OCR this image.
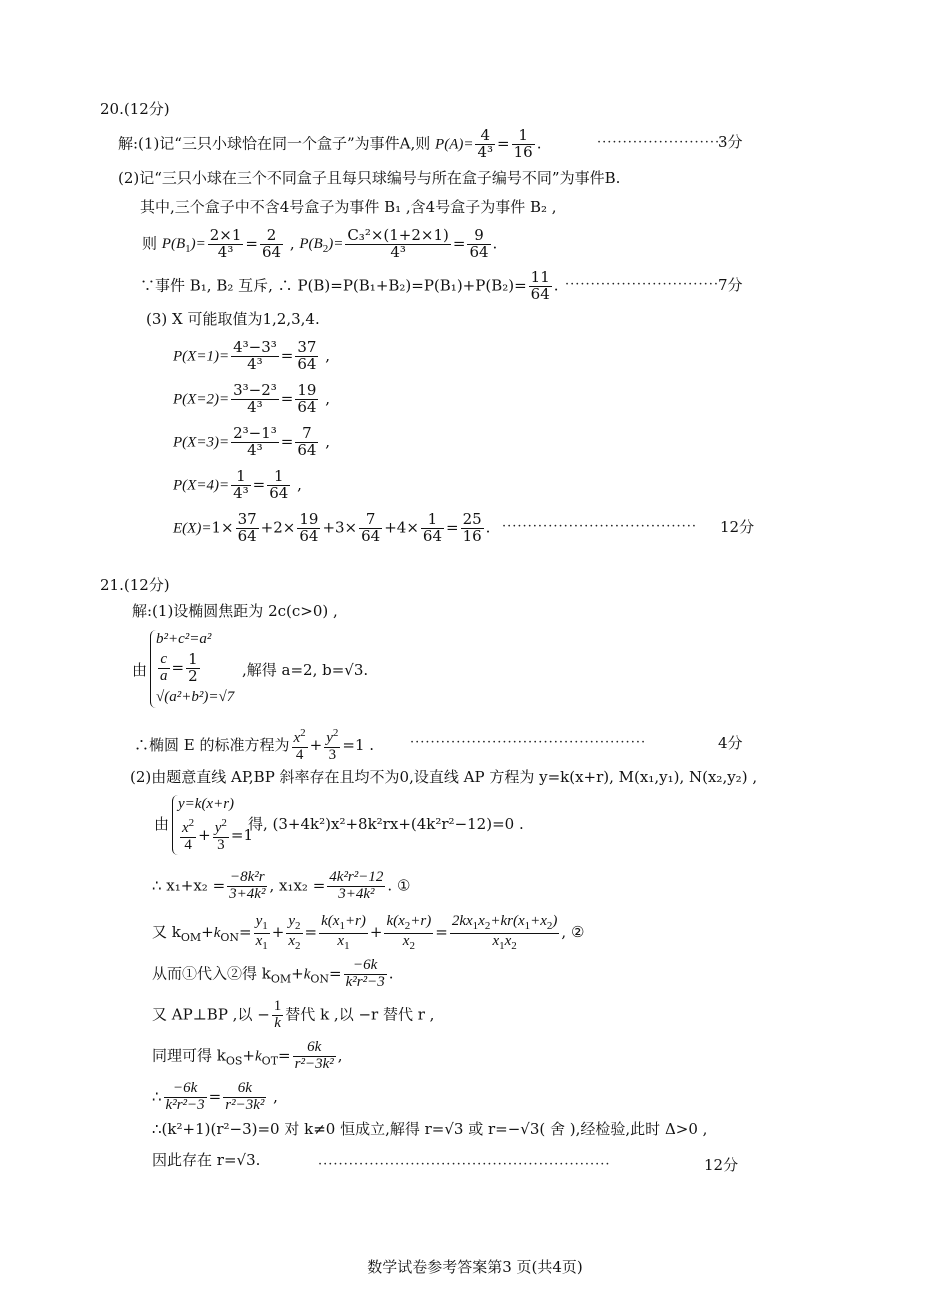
20.(12分)
解:(1)记“三只小球恰在同一个盒子”为事件A,则 $P(A)= \frac{4}{\text{4³}} = \frac{1}{16}$ .	·························
3分
(2)记“三只小球在三个不同盒子且每只球编号与所在盒子编号不同”为事件B.
其中,三个盒子中不含4号盒子为事件 B₁ ,含4号盒子为事件 B₂ ,
则 $P(B_1)= \frac{2\times 1}{\text{4³}} = \frac{2}{64}$ , $P(B_2)= \frac{\text{C₃²×(1+2×1)}}{\text{4³}} = \frac{9}{64}$ .
∵事件 B₁, B₂ 互斥, ∴ $P(B)=P(B_1+B_2)=P(B_1)+P(B_2)= \frac{11}{64}$ . ······························ 7分
(3) X 可能取值为1,2,3,4.
$P(X=1)= \frac{\text{4³−3³}}{\text{4³}} = \frac{37}{64}$ ,
$P(X=2)= \frac{\text{3³−2³}}{\text{4³}} = \frac{19}{64}$ ,
$P(X=3)= \frac{\text{2³−1³}}{\text{4³}} = \frac{7}{64}$ ,
$P(X=4)= \frac{1}{\text{4³}} = \frac{1}{64}$ ,
$E(X)=1\times \frac{37}{64} +2\times \frac{19}{64} +3\times \frac{7}{64} +4\times \frac{1}{64} = \frac{25}{16}$ . ······································ 12分
21.(12分)
解:(1)设椭圆焦距为 2c(c>0) ,
由
b²+c²=a²
$\frac{c}{a} = \frac{1}{2}$
√(a²+b²)=√7
,解得 a=2, b=√3.
∴椭圆 E 的标准方程为 $\frac{x^2}{4} + \frac{y^2}{3} =1$ .	··············································	4分
(2)由题意直线 AP,BP 斜率存在且均不为0,设直线 AP 方程为 y=k(x+r), M(x₁,y₁), N(x₂,y₂) ,
由
y=k(x+r)
$\frac{x^2}{4} + \frac{y^2}{3} =1$
得, (3+4k²)x²+8k²rx+(4k²r²−12)=0 .
∴ $x_1+x_2 = \frac{\text{−8k²r}}{\text{3+4k²}}$ , $x_1x_2 = \frac{\text{4k²r²−12}}{\text{3+4k²}}$ . ①
又 $k_{OM}+k_{ON}= \frac{y_1}{x_1} + \frac{y_2}{x_2} = \frac{k(x_1+r)}{x_1} + \frac{k(x_2+r)}{x_2} = \frac{2kx_1x_2+kr(x_1+x_2)}{x_1x_2}$ , ②
从而①代入②得 $k_{OM}+k_{ON}= \frac{-6k}{\text{k²r²−3}}$ .
又 AP⊥BP ,以 − $\frac{1}{k}$ 替代 k ,以 −r 替代 r ,
同理可得 $k_{OS}+k_{OT}= \frac{6k}{\text{r²−3k²}}$ ,
∴ $\frac{-6k}{\text{k²r²−3}} = \frac{6k}{\text{r²−3k²}}$ ,
∴(k²+1)(r²−3)=0 对 k≠0 恒成立,解得 r=√3 或 r=−√3( 舍 ),经检验,此时 Δ>0 ,
因此存在 r=√3.	·························································	12分
数学试卷参考答案第3 页(共4页)
